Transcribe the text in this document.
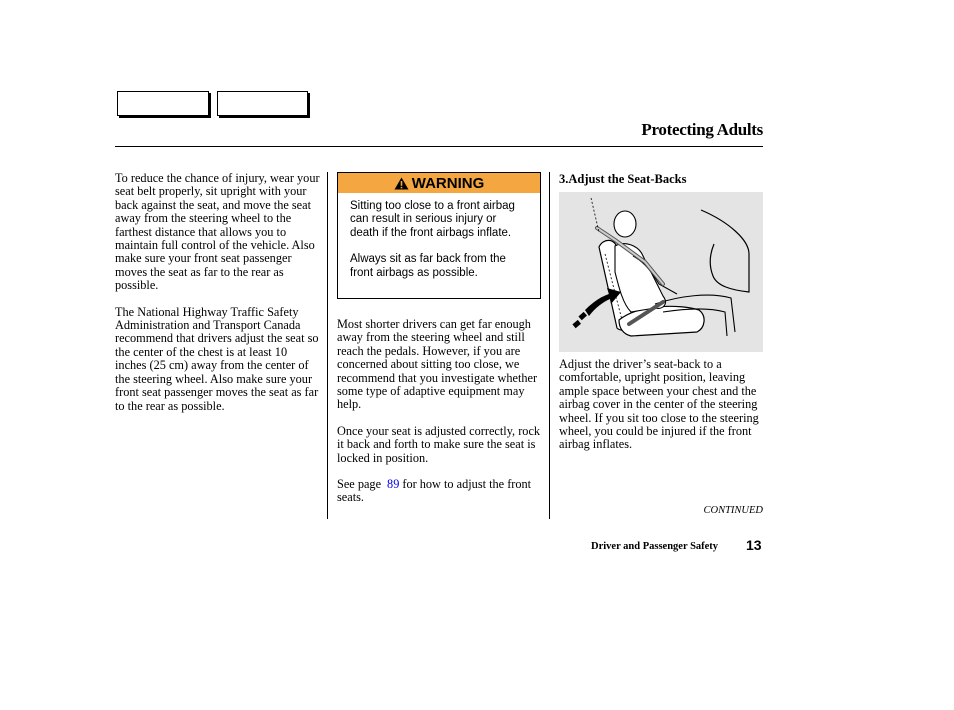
Protecting Adults

To reduce the chance of injury, wear your seat belt properly, sit upright with your back against the seat, and move the seat away from the steering wheel to the farthest distance that allows you to maintain full control of the vehicle. Also make sure your front seat passenger moves the seat as far to the rear as possible.

The National Highway Traffic Safety Administration and Transport Canada recommend that drivers adjust the seat so the center of the chest is at least 10 inches (25 cm) away from the center of the steering wheel. Also make sure your front seat passenger moves the seat as far to the rear as possible.

WARNING

Sitting too close to a front airbag can result in serious injury or death if the front airbags inflate.

Always sit as far back from the front airbags as possible.

Most shorter drivers can get far enough away from the steering wheel and still reach the pedals. However, if you are concerned about sitting too close, we recommend that you investigate whether some type of adaptive equipment may help.

Once your seat is adjusted correctly, rock it back and forth to make sure the seat is locked in position.

See page 89 for how to adjust the front seats.

3.Adjust the Seat-Backs

Adjust the driver’s seat-back to a comfortable, upright position, leaving ample space between your chest and the airbag cover in the center of the steering wheel. If you sit too close to the steering wheel, you could be injured if the front airbag inflates.

CONTINUED
Driver and Passenger Safety 13
